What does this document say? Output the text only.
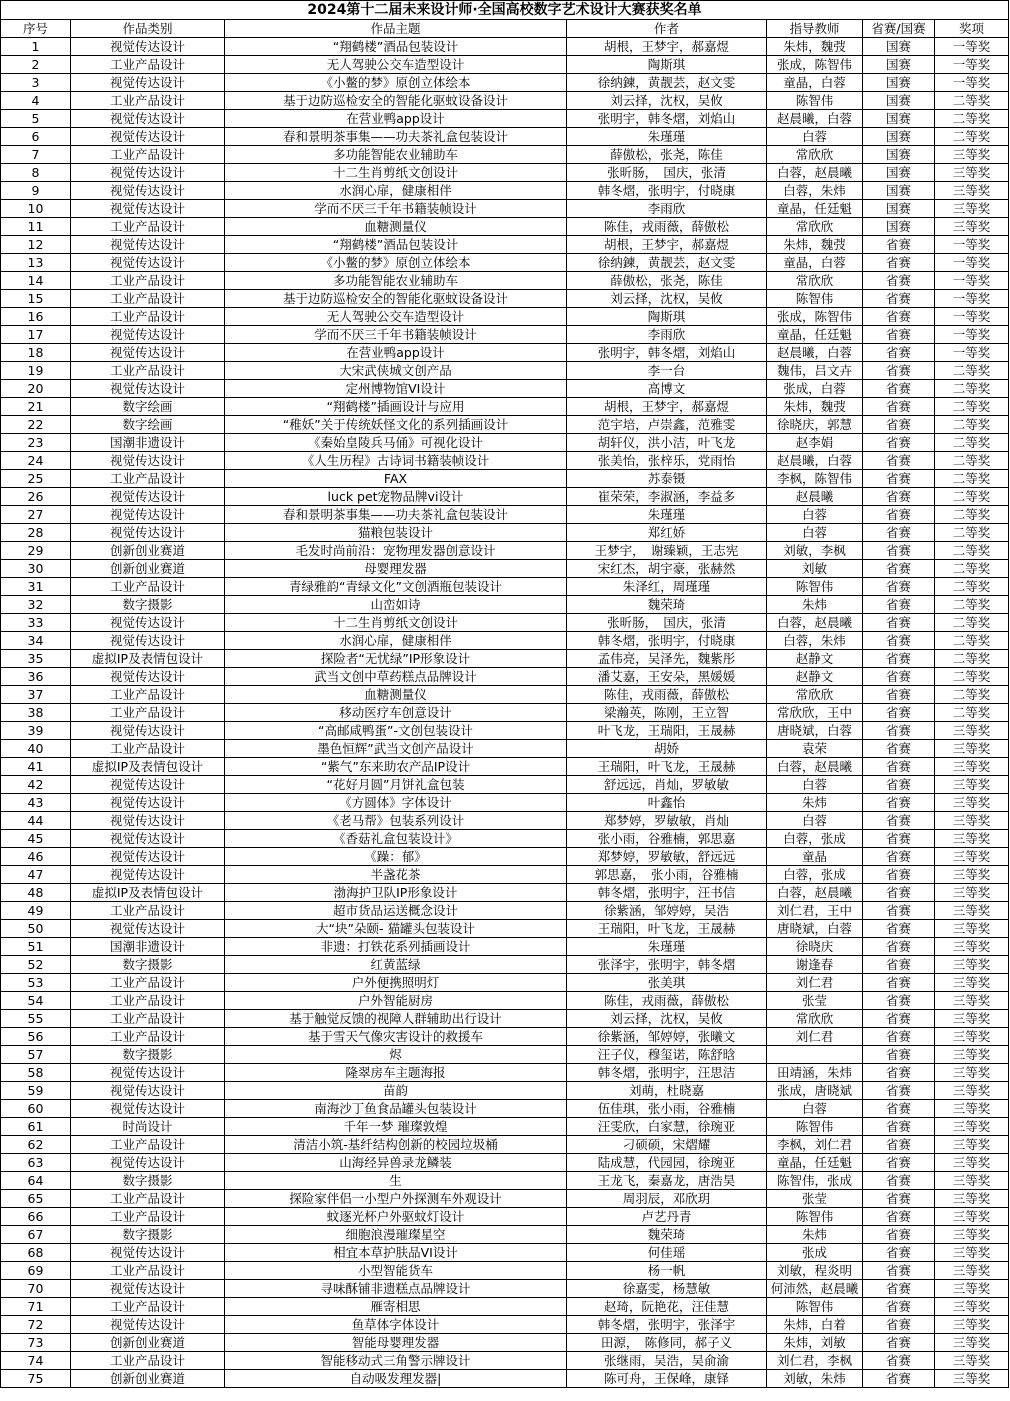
2024第十二届未来设计师·全国高校数字艺术设计大赛获奖名单						
序号	作品类别	作品主题	作者	指导教师	省赛/国赛	奖项
1	视觉传达设计	“翔鹤楼”酒品包装设计	胡根，王梦宇，郝嘉煜	朱炜，魏弢	国赛	一等奖
2	工业产品设计	无人驾驶公交车造型设计	陶斯琪	张成，陈智伟	国赛	一等奖
3	视觉传达设计	《小鳖的梦》原创立体绘本	徐纳鍊，黄靓芸，赵文雯	童晶，白蓉	国赛	一等奖
4	工业产品设计	基于边防巡检安全的智能化驱蚊设备设计	刘云择，沈权，吴攸	陈智伟	国赛	二等奖
5	视觉传达设计	在营业鸭app设计	张明宇，韩冬熠，刘焰山	赵晨曦，白蓉	国赛	二等奖
6	视觉传达设计	春和景明茶事集——功夫茶礼盒包装设计	朱瑾瑾	白蓉	国赛	二等奖
7	工业产品设计	多功能智能农业辅助车	薛傲松，张尧，陈佳	常欣欣	国赛	三等奖
8	视觉传达设计	十二生肖剪纸文创设计	张昕肠，　国庆，张清	白蓉，赵晨曦	国赛	三等奖
9	视觉传达设计	水润心扉，健康相伴	韩冬熠，张明宇，付晓康	白蓉，朱炜	国赛	三等奖
10	视觉传达设计	学而不厌三千年书籍装帧设计	李雨欣	童晶，任廷魁	国赛	三等奖
11	工业产品设计	血糖测量仪	陈佳，戎雨薇，薛傲松	常欣欣	国赛	三等奖
12	视觉传达设计	“翔鹤楼”酒品包装设计	胡根，王梦宇，郝嘉煜	朱炜，魏弢	省赛	一等奖
13	视觉传达设计	《小鳖的梦》原创立体绘本	徐纳鍊，黄靓芸，赵文雯	童晶，白蓉	省赛	一等奖
14	工业产品设计	多功能智能农业辅助车	薛傲松，张尧，陈佳	常欣欣	省赛	一等奖
15	工业产品设计	基于边防巡检安全的智能化驱蚊设备设计	刘云择，沈权，吴攸	陈智伟	省赛	一等奖
16	工业产品设计	无人驾驶公交车造型设计	陶斯琪	张成，陈智伟	省赛	一等奖
17	视觉传达设计	学而不厌三千年书籍装帧设计	李雨欣	童晶，任廷魁	省赛	一等奖
18	视觉传达设计	在营业鸭app设计	张明宇，韩冬熠，刘焰山	赵晨曦，白蓉	省赛	一等奖
19	工业产品设计	大宋武侠城文创产品	李一台	魏伟，吕文卉	省赛	二等奖
20	视觉传达设计	定州博物馆VI设计	高博文	张成，白蓉	省赛	二等奖
21	数字绘画	“翔鹤楼”插画设计与应用	胡根，王梦宇，郝嘉煜	朱炜，魏弢	省赛	二等奖
22	数字绘画	“稚妖”关于传统妖怪文化的系列插画设计	范宇培，卢崇鑫，范雅雯	徐晓庆，郭慧	省赛	二等奖
23	国潮非遗设计	《秦始皇陵兵马俑》可视化设计	胡轩仪，洪小洁，叶飞龙	赵李娟	省赛	二等奖
24	视觉传达设计	《人生历程》古诗词书籍装帧设计	张美怡，张梓乐，党雨怡	赵晨曦，白蓉	省赛	二等奖
25	工业产品设计	FAX	苏泰镊	李枫，陈智伟	省赛	二等奖
26	视觉传达设计	luck pet宠物品牌vi设计	崔荣荣，李淑涵，李益多	赵晨曦	省赛	二等奖
27	视觉传达设计	春和景明茶事集——功夫茶礼盒包装设计	朱瑾瑾	白蓉	省赛	二等奖
28	视觉传达设计	猫粮包装设计	郑红娇	白蓉	省赛	二等奖
29	创新创业赛道	毛发时尚前沿：宠物理发器创意设计	王梦宇，　谢臻颖，王志宪	刘敏，李枫	省赛	二等奖
30	创新创业赛道	母婴理发器	宋红杰，胡宇豪，张赫然	刘敏	省赛	二等奖
31	工业产品设计	青绿雅韵“青绿文化”文创酒瓶包装设计	朱泽红，周瑾瑾	陈智伟	省赛	二等奖
32	数字摄影	山峦如诗	魏荣琦	朱炜	省赛	二等奖
33	视觉传达设计	十二生肖剪纸文创设计	张昕肠，　国庆，张清	白蓉，赵晨曦	省赛	二等奖
34	视觉传达设计	水润心扉，健康相伴	韩冬熠，张明宇，付晓康	白蓉，朱炜	省赛	二等奖
35	虚拟IP及表情包设计	探险者“无忧绿”IP形象设计	孟伟亮，吴泽先，魏紫彤	赵静文	省赛	二等奖
36	视觉传达设计	武当文创中草药糕点品牌设计	潘艾嘉，王安朵，黑媛媛	赵静文	省赛	二等奖
37	工业产品设计	血糖测量仪	陈佳，戎雨薇，薛傲松	常欣欣	省赛	二等奖
38	工业产品设计	移动医疗车创意设计	梁瀚英，陈刚，王立智	常欣欣，王中	省赛	二等奖
39	视觉传达设计	“高邮咸鸭蛋”-文创包装设计	叶飞龙，王瑞阳，王晟赫	唐晓斌，白蓉	省赛	三等奖
40	工业产品设计	墨色恒辉”武当文创产品设计	胡娇	袁荣	省赛	三等奖
41	虚拟IP及表情包设计	“紫气”东来助农产品IP设计	王瑞阳，叶飞龙，王晟赫	白蓉，赵晨曦	省赛	三等奖
42	视觉传达设计	“花好月圆”月饼礼盒包装	舒远远，肖灿，罗敏敏	白蓉	省赛	三等奖
43	视觉传达设计	《方圆体》字体设计	叶鑫怡	朱炜	省赛	三等奖
44	视觉传达设计	《老马帮》包装系列设计	郑梦婷，罗敏敏，肖灿	白蓉	省赛	三等奖
45	视觉传达设计	《香菇礼盒包装设计》	张小雨，谷雅楠，郭思嘉	白蓉，张成	省赛	三等奖
46	视觉传达设计	《躁：郁》	郑梦婷，罗敏敏，舒远远	童晶	省赛	三等奖
47	视觉传达设计	半盏花茶	郭思嘉，　张小雨，谷雅楠	白蓉，张成	省赛	三等奖
48	虚拟IP及表情包设计	渤海护卫队IP形象设计	韩冬熠，张明宇，汪书信	白蓉，赵晨曦	省赛	三等奖
49	工业产品设计	超市货品运送概念设计	徐紫涵，邹婷婷，吴浩	刘仁君，王中	省赛	三等奖
50	视觉传达设计	大“块”朵颐- 猫罐头包装设计	王瑞阳，叶飞龙，王晟赫	唐晓斌，白蓉	省赛	三等奖
51	国潮非遗设计	非遗：打铁花系列插画设计	朱瑾瑾	徐晓庆	省赛	三等奖
52	数字摄影	红黄蓝绿	张泽宇，张明宇，韩冬熠	谢逢春	省赛	三等奖
53	工业产品设计	户外便携照明灯	张美琪	刘仁君	省赛	三等奖
54	工业产品设计	户外智能厨房	陈佳，戎雨薇，薛傲松	张莹	省赛	三等奖
55	工业产品设计	基于触觉反馈的视障人群辅助出行设计	刘云择，沈权，吴攸	常欣欣	省赛	三等奖
56	工业产品设计	基于雪天气像灾害设计的救援车	徐紫涵，邹婷婷，张曦文	刘仁君	省赛	三等奖
57	数字摄影	烬	汪子仪，穆玺诺，陈舒晗		省赛	三等奖
58	视觉传达设计	隆翠房车主题海报	韩冬熠，张明宇，汪思洁	田靖涵，朱炜	省赛	三等奖
59	视觉传达设计	苗韵	刘萌，杜晓嘉	张成，唐晓斌	省赛	三等奖
60	视觉传达设计	南海沙丁鱼食品罐头包装设计	伍佳琪，张小雨，谷雅楠	白蓉	省赛	三等奖
61	时尚设计	千年一梦 璀璨敦煌	汪雯欣，白家慧，徐琬亚	陈智伟	省赛	三等奖
62	工业产品设计	清洁小筑-基纤结构创新的校园垃圾桶	刁硕硕，宋熠耀	李枫，刘仁君	省赛	三等奖
63	视觉传达设计	山海经异兽录龙鳞装	陆成慧，代园园，徐琬亚	童晶，任廷魁	省赛	三等奖
64	数字摄影	生	王龙飞，秦嘉龙，唐浩昊	陈智伟，张成	省赛	三等奖
65	工业产品设计	探险家伴侣一小型户外探测车外观设计	周羽辰，邓欣玥	张莹	省赛	三等奖
66	工业产品设计	蚊逐光杯户外驱蚊灯设计	卢艺丹青	陈智伟	省赛	三等奖
67	数字摄影	细胞浪漫璀璨星空	魏荣琦	朱炜	省赛	三等奖
68	视觉传达设计	相宜本草护肤品VI设计	何佳瑶	张成	省赛	三等奖
69	工业产品设计	小型智能货车	杨一帆	刘敏，程炎明	省赛	三等奖
70	视觉传达设计	寻味酥铺非遗糕点品牌设计	徐嘉雯，杨慧敏	何沛然，赵晨曦	省赛	三等奖
71	工业产品设计	雁寄相思	赵琦，阮艳花，汪佳慧	陈智伟	省赛	三等奖
72	视觉传达设计	鱼草体字体设计	韩冬熠，张明宇，张泽宇	朱炜，白着	省赛	三等奖
73	创新创业赛道	智能母婴理发器	田源，　陈修同，郝子义	朱炜，刘敏	省赛	三等奖
74	工业产品设计	智能移动式三角警示牌设计	张继雨，吴浩，吴俞渝	刘仁君，李枫	省赛	三等奖
75	创新创业赛道	自动吸发理发器|	陈可舟，王保峰，康铎	刘敏，朱炜	省赛	三等奖
